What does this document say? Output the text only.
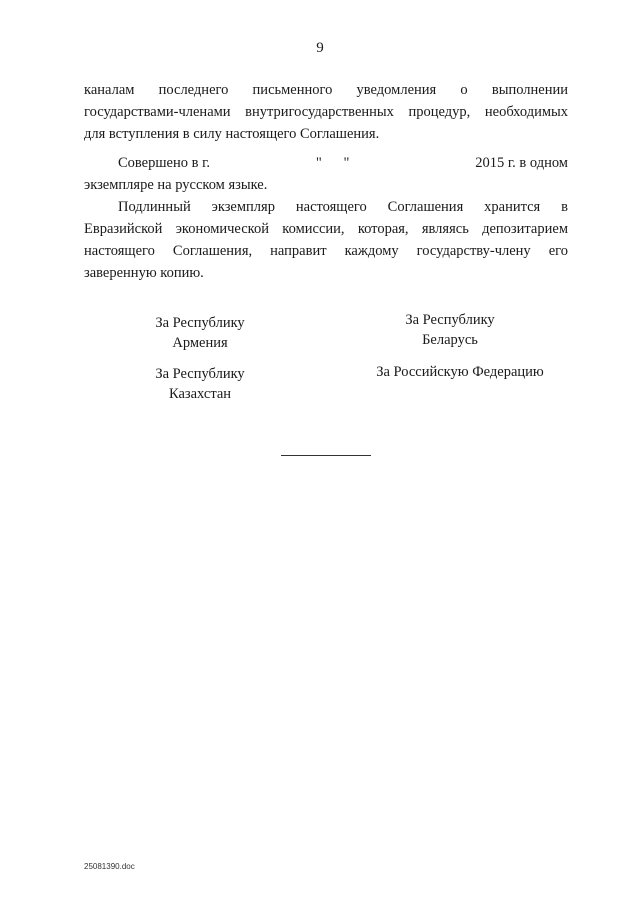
9
каналам последнего письменного уведомления о выполнении
государствами-членами внутригосударственных процедур, необходимых
для вступления в силу настоящего Соглашения.
Совершено в г.	"      "	2015 г. в одном
экземпляре на русском языке.
Подлинный экземпляр настоящего Соглашения хранится в
Евразийской экономической комиссии, которая, являясь депозитарием
настоящего Соглашения, направит каждому государству-члену его
заверенную копию.
За Республику
Армения
За Республику
Беларусь
За Республику
Казахстан
За Российскую Федерацию
25081390.doc
